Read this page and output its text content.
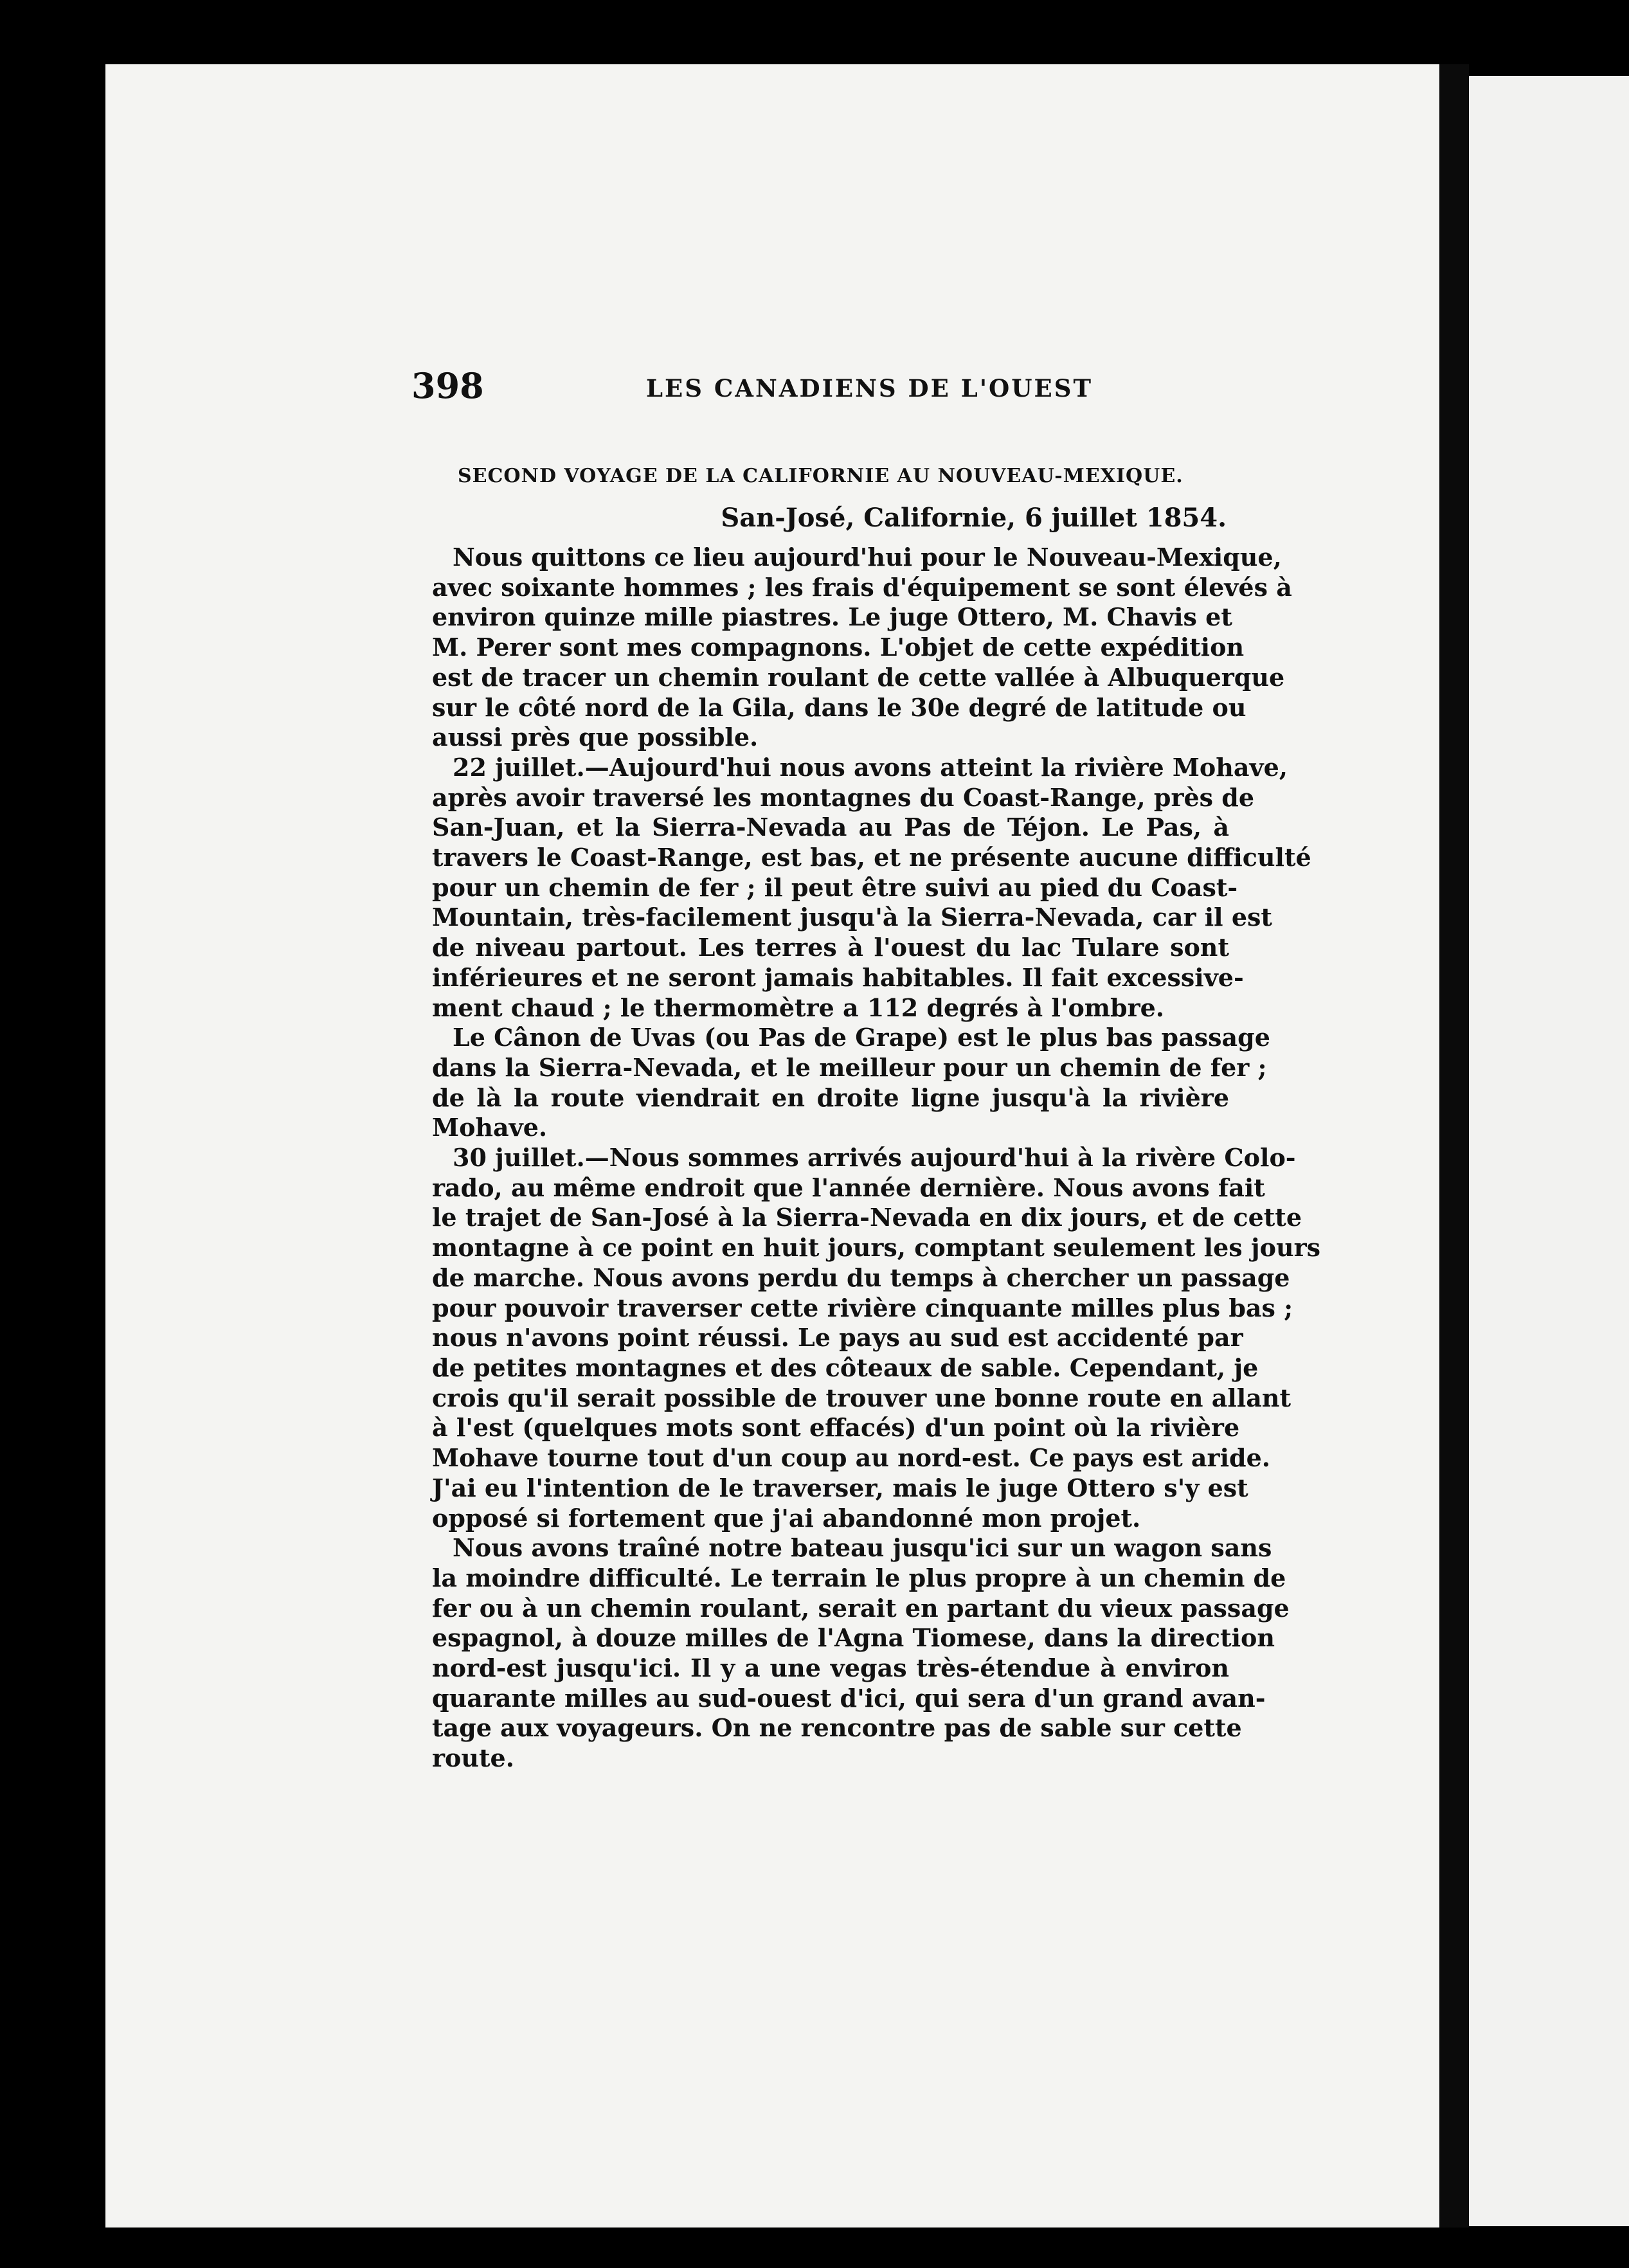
398	LES CANADIENS DE L'OUEST
SECOND VOYAGE DE LA CALIFORNIE AU NOUVEAU-MEXIQUE.
San-José, Californie, 6 juillet 1854.
Nous quittons ce lieu aujourd'hui pour le Nouveau-Mexique,
avec soixante hommes ; les frais d'équipement se sont élevés à
environ quinze mille piastres. Le juge Ottero, M. Chavis et
M. Perer sont mes compagnons. L'objet de cette expédition
est de tracer un chemin roulant de cette vallée à Albuquerque
sur le côté nord de la Gila, dans le 30e degré de latitude ou
aussi près que possible.
22 juillet.—Aujourd'hui nous avons atteint la rivière Mohave,
après avoir traversé les montagnes du Coast-Range, près de
San-Juan, et la Sierra-Nevada au Pas de Téjon. Le Pas, à
travers le Coast-Range, est bas, et ne présente aucune difficulté
pour un chemin de fer ; il peut être suivi au pied du Coast-
Mountain, très-facilement jusqu'à la Sierra-Nevada, car il est
de niveau partout. Les terres à l'ouest du lac Tulare sont
inférieures et ne seront jamais habitables. Il fait excessive-
ment chaud ; le thermomètre a 112 degrés à l'ombre.
Le Cânon de Uvas (ou Pas de Grape) est le plus bas passage
dans la Sierra-Nevada, et le meilleur pour un chemin de fer ;
de là la route viendrait en droite ligne jusqu'à la rivière
Mohave.
30 juillet.—Nous sommes arrivés aujourd'hui à la rivère Colo-
rado, au même endroit que l'année dernière. Nous avons fait
le trajet de San-José à la Sierra-Nevada en dix jours, et de cette
montagne à ce point en huit jours, comptant seulement les jours
de marche. Nous avons perdu du temps à chercher un passage
pour pouvoir traverser cette rivière cinquante milles plus bas ;
nous n'avons point réussi. Le pays au sud est accidenté par
de petites montagnes et des côteaux de sable. Cependant, je
crois qu'il serait possible de trouver une bonne route en allant
à l'est (quelques mots sont effacés) d'un point où la rivière
Mohave tourne tout d'un coup au nord-est. Ce pays est aride.
J'ai eu l'intention de le traverser, mais le juge Ottero s'y est
opposé si fortement que j'ai abandonné mon projet.
Nous avons traîné notre bateau jusqu'ici sur un wagon sans
la moindre difficulté. Le terrain le plus propre à un chemin de
fer ou à un chemin roulant, serait en partant du vieux passage
espagnol, à douze milles de l'Agna Tiomese, dans la direction
nord-est jusqu'ici. Il y a une vegas très-étendue à environ
quarante milles au sud-ouest d'ici, qui sera d'un grand avan-
tage aux voyageurs. On ne rencontre pas de sable sur cette
route.
